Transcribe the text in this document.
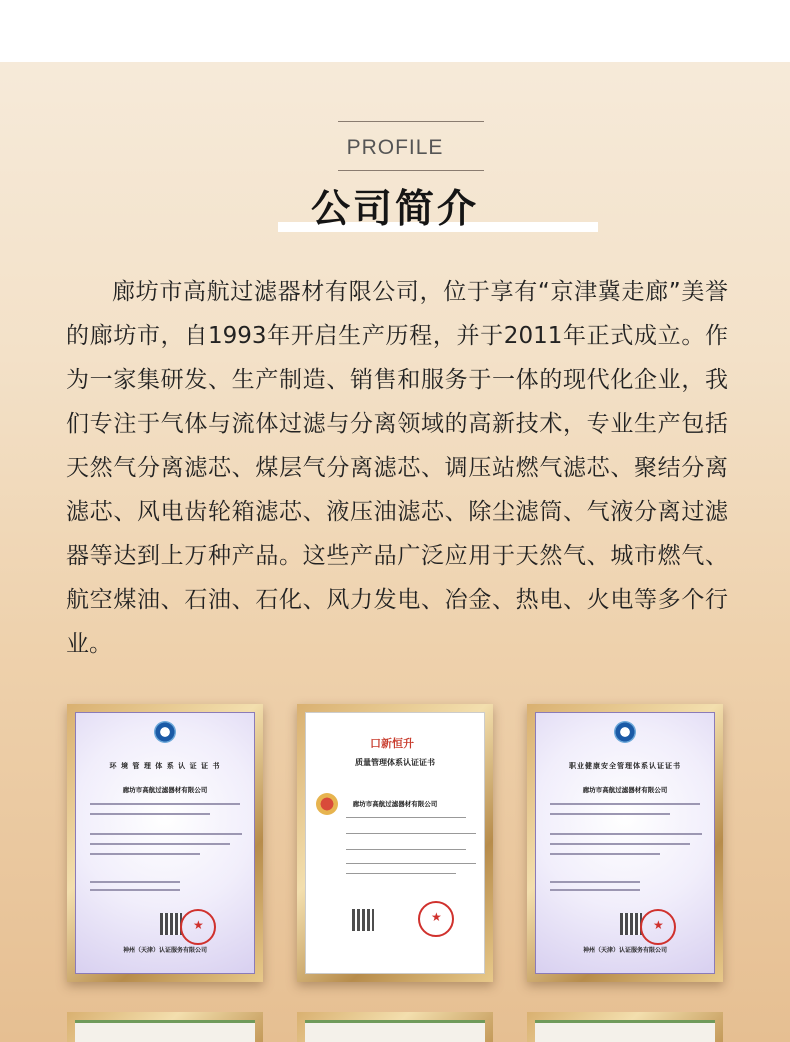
PROFILE
公司简介
廊坊市高航过滤器材有限公司，位于享有“京津冀走廊”美誉的廊坊市，自1993年开启生产历程，并于2011年正式成立。作为一家集研发、生产制造、销售和服务于一体的现代化企业，我们专注于气体与流体过滤与分离领域的高新技术，专业生产包括天然气分离滤芯、煤层气分离滤芯、调压站燃气滤芯、聚结分离滤芯、风电齿轮箱滤芯、液压油滤芯、除尘滤筒、气液分离过滤器等达到上万种产品。这些产品广泛应用于天然气、城市燃气、航空煤油、石油、石化、风力发电、冶金、热电、火电等多个行业。
环 境 管 理 体 系 认 证 证 书
廊坊市高航过滤器材有限公司
★
神州（天津）认证服务有限公司
口新恒升
质量管理体系认证证书
廊坊市高航过滤器材有限公司
★
职业健康安全管理体系认证证书
廊坊市高航过滤器材有限公司
★
神州（天津）认证服务有限公司
